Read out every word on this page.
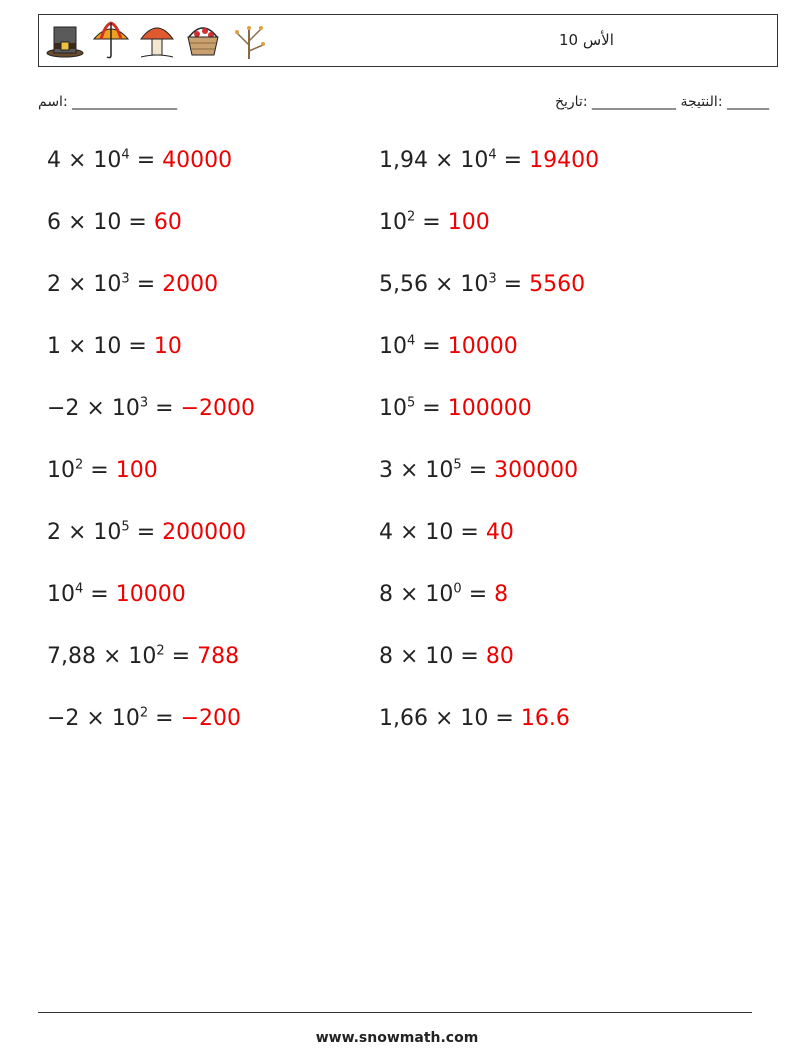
الأس 10
اسم: _______________	النتيجة ____________ :تاريخ: ______
$4 \times 10^4 = 40000$
6 × 10 = 60
$2 \times 10^3 = 2000$
1 × 10 = 10
$-2 \times 10^3 = -2000$
$10^2 = 100$
$2 \times 10^5 = 200000$
$10^4 = 10000$
$7,88 \times 10^2 = 788$
$-2 \times 10^2 = -200$
$1,94 \times 10^4 = 19400$
$10^2 = 100$
$5,56 \times 10^3 = 5560$
$10^4 = 10000$
$10^5 = 100000$
$3 \times 10^5 = 300000$
4 × 10 = 40
$8 \times 10^0 = 8$
8 × 10 = 80
1,66 × 10 = 16.6
www.snowmath.com
